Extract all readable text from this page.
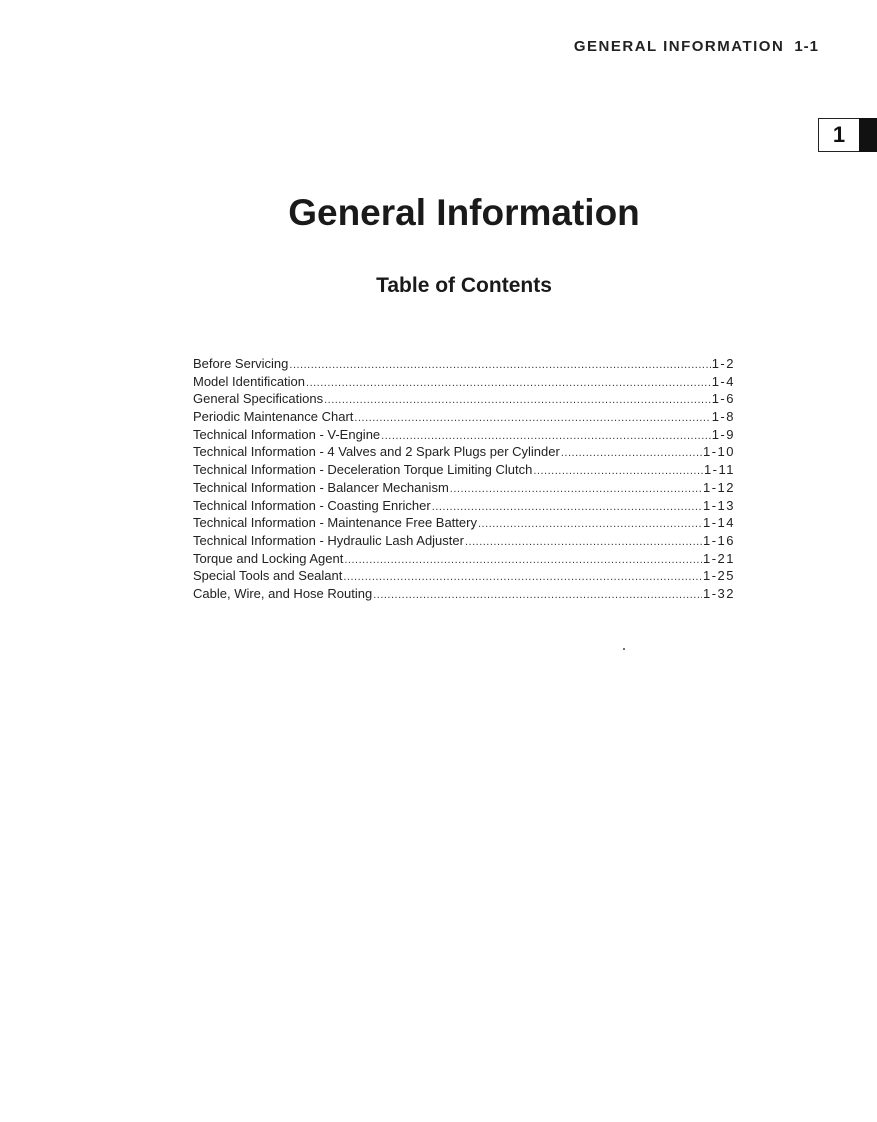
GENERAL INFORMATION 1-1
1
General Information
Table of Contents
Before Servicing .....	1-2
Model Identification .....	1-4
General Specifications .....	1-6
Periodic Maintenance Chart .....	1-8
Technical Information - V-Engine .....	1-9
Technical Information - 4 Valves and 2 Spark Plugs per Cylinder .....	1-10
Technical Information - Deceleration Torque Limiting Clutch .....	1-11
Technical Information - Balancer Mechanism .....	1-12
Technical Information - Coasting Enricher .....	1-13
Technical Information - Maintenance Free Battery .....	1-14
Technical Information - Hydraulic Lash Adjuster .....	1-16
Torque and Locking Agent .....	1-21
Special Tools and Sealant .....	1-25
Cable, Wire, and Hose Routing .....	1-32
